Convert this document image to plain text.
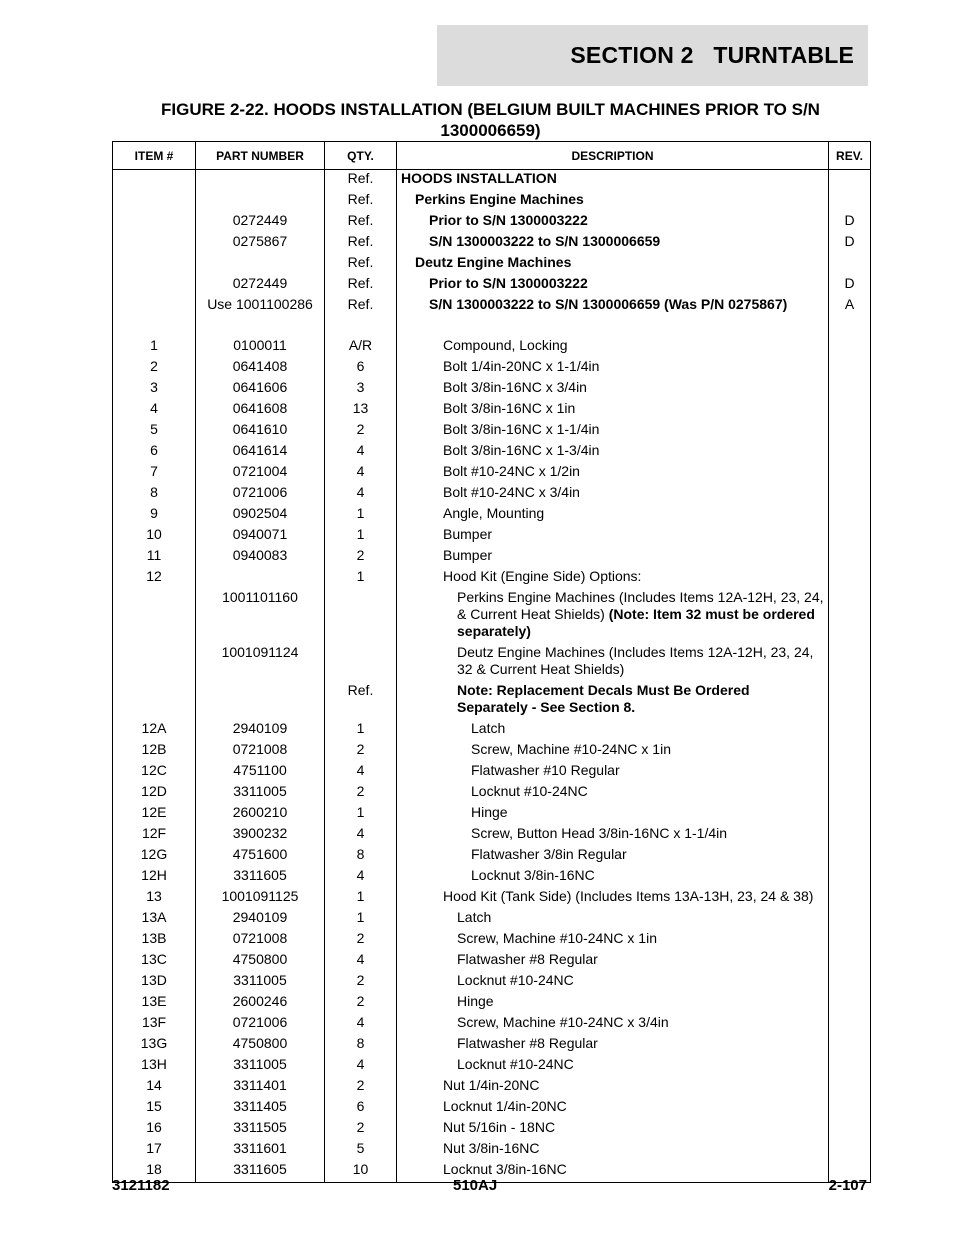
SECTION 2   TURNTABLE
FIGURE 2-22. HOODS INSTALLATION (BELGIUM BUILT MACHINES PRIOR TO S/N 1300006659)
ITEM #	PART NUMBER	QTY.	DESCRIPTION	REV.
		Ref.	HOODS INSTALLATION	
		Ref.	Perkins Engine Machines	
	0272449	Ref.	Prior to S/N 1300003222	D
	0275867	Ref.	S/N 1300003222 to S/N 1300006659	D
		Ref.	Deutz Engine Machines	
	0272449	Ref.	Prior to S/N 1300003222	D
	Use 1001100286	Ref.	S/N 1300003222 to S/N 1300006659 (Was P/N 0275867)	A

1	0100011	A/R	Compound, Locking	
2	0641408	6	Bolt 1/4in-20NC x 1-1/4in	
3	0641606	3	Bolt 3/8in-16NC x 3/4in	
4	0641608	13	Bolt 3/8in-16NC x 1in	
5	0641610	2	Bolt 3/8in-16NC x 1-1/4in	
6	0641614	4	Bolt 3/8in-16NC x 1-3/4in	
7	0721004	4	Bolt #10-24NC x 1/2in	
8	0721006	4	Bolt #10-24NC x 3/4in	
9	0902504	1	Angle, Mounting	
10	0940071	1	Bumper	
11	0940083	2	Bumper	
12		1	Hood Kit (Engine Side) Options:	
	1001101160		Perkins Engine Machines (Includes Items 12A-12H, 23, 24, & Current Heat Shields) (Note: Item 32 must be ordered separately)	
	1001091124		Deutz Engine Machines (Includes Items 12A-12H, 23, 24, 32 & Current Heat Shields)	
		Ref.	Note: Replacement Decals Must Be Ordered Separately - See Section 8.	
12A	2940109	1	Latch	
12B	0721008	2	Screw, Machine #10-24NC x 1in	
12C	4751100	4	Flatwasher #10 Regular	
12D	3311005	2	Locknut #10-24NC	
12E	2600210	1	Hinge	
12F	3900232	4	Screw, Button Head 3/8in-16NC x 1-1/4in	
12G	4751600	8	Flatwasher 3/8in Regular	
12H	3311605	4	Locknut 3/8in-16NC	
13	1001091125	1	Hood Kit (Tank Side) (Includes Items 13A-13H, 23, 24 & 38)	
13A	2940109	1	Latch	
13B	0721008	2	Screw, Machine #10-24NC x 1in	
13C	4750800	4	Flatwasher #8 Regular	
13D	3311005	2	Locknut #10-24NC	
13E	2600246	2	Hinge	
13F	0721006	4	Screw, Machine #10-24NC x 3/4in	
13G	4750800	8	Flatwasher #8 Regular	
13H	3311005	4	Locknut #10-24NC	
14	3311401	2	Nut 1/4in-20NC	
15	3311405	6	Locknut 1/4in-20NC	
16	3311505	2	Nut 5/16in - 18NC	
17	3311601	5	Nut 3/8in-16NC	
18	3311605	10	Locknut 3/8in-16NC	
3121182	510AJ	2-107
